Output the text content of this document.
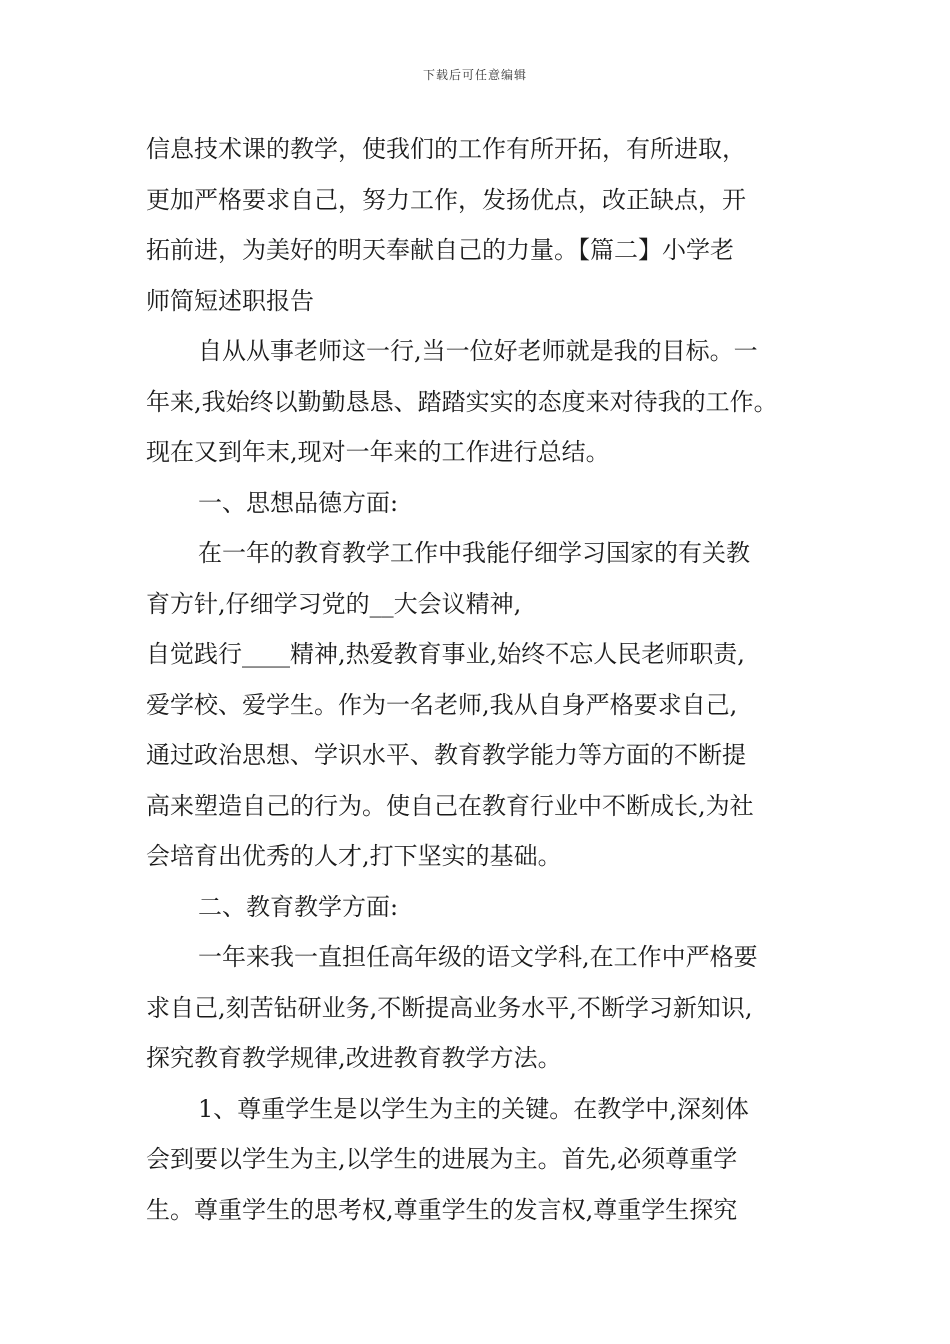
下载后可任意编辑
信息技术课的教学，使我们的工作有所开拓，有所进取，
更加严格要求自己，努力工作，发扬优点，改正缺点，开
拓前进，为美好的明天奉献自己的力量。【篇二】小学老
师简短述职报告
自从从事老师这一行,当一位好老师就是我的目标。一
年来,我始终以勤勤恳恳、踏踏实实的态度来对待我的工作。
现在又到年末,现对一年来的工作进行总结。
一、思想品德方面:
在一年的教育教学工作中我能仔细学习国家的有关教
育方针,仔细学习党的__大会议精神,
自觉践行____精神,热爱教育事业,始终不忘人民老师职责,
爱学校、爱学生。作为一名老师,我从自身严格要求自己,
通过政治思想、学识水平、教育教学能力等方面的不断提
高来塑造自己的行为。使自己在教育行业中不断成长,为社
会培育出优秀的人才,打下坚实的基础。
二、教育教学方面:
一年来我一直担任高年级的语文学科,在工作中严格要
求自己,刻苦钻研业务,不断提高业务水平,不断学习新知识,
探究教育教学规律,改进教育教学方法。
1、尊重学生是以学生为主的关键。在教学中,深刻体
会到要以学生为主,以学生的进展为主。首先,必须尊重学
生。尊重学生的思考权,尊重学生的发言权,尊重学生探究
